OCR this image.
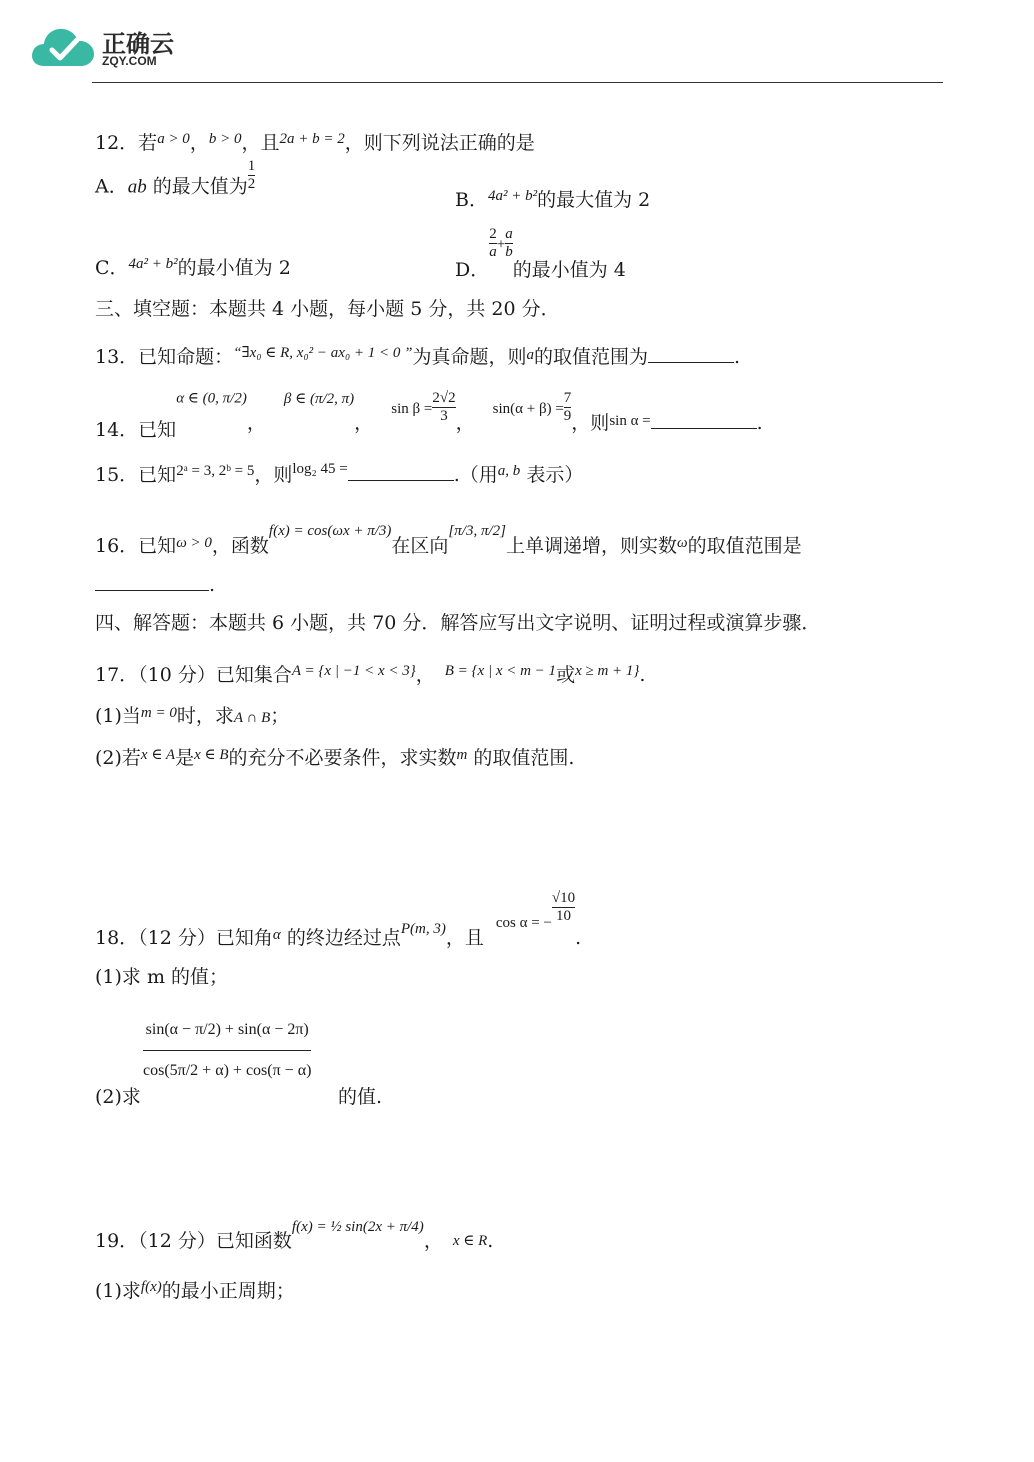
正确云
ZQY.COM
12．若$^{a > 0}$，$^{b > 0}$，且$^{2a + b = 2}$，则下列说法正确的是
A．ab 的最大值为 $\frac{1}{2}$
B．$^{4a^2 + b^2}$的最大值为 2
C．$^{4a^2 + b^2}$的最小值为 2	D．
$\frac{2}{a} + \frac{a}{b}$
的最小值为 4
三、填空题：本题共 4 小题，每小题 5 分，共 20 分．
13．已知命题：$^{“\exists x_0 \in R, x_0^2 - ax_0 + 1 < 0 ”}$为真命题，则$^a$的取值范围为	.
14．已知α ∈ (0, π/2)， β ∈ (π/2, π)， $_{sin \beta =} \frac{2√2}{3}$ ， $_{sin(\alpha + \beta) =} \frac{7}{9}$ ，则$_{sin \alpha =}$	.
15．已知$^{2ᵃ = 3, 2ᵇ = 5}$，则$^{log_2 45 =}$	.（用$^{a, b}$ 表示）
16．已知$_{\omega > 0}$，函数$_{f(x) = cos(\omega x + \pi/3)}$在区向$_{[\pi/3, \pi/2]}$上单调递增，则实数$_\omega$的取值范围是
.
四、解答题：本题共 6 小题，共 70 分．解答应写出文字说明、证明过程或演算步骤．
17．（10 分）已知集合$^{A = \{x | -1 < x < 3\}}$， $^{B = \{x | x < m - 1}$或$^{x \ge m + 1\}}$.
(1)当$^{m = 0}$时，求A ∩ B；
(2)若$^{x \in A}$是$^{x \in B}$的充分不必要条件，求实数$^m$ 的取值范围.
18．（12 分）已知角$_\alpha$ 的终边经过点$_{P(m, 3)}$，且$_{cos \alpha = -} \frac{√10}{10}$
.
(1)求 m 的值；
(2)求
sin(α − π/2) + sin(α − 2π)
cos(5π/2 + α) + cos(π − α)
的值.
19．（12 分）已知函数$_{f(x) = \frac{1}{2} sin(2x + \pi/4)}$， $_{x \in R}$.
(1)求$^{f(x)}$的最小正周期；
